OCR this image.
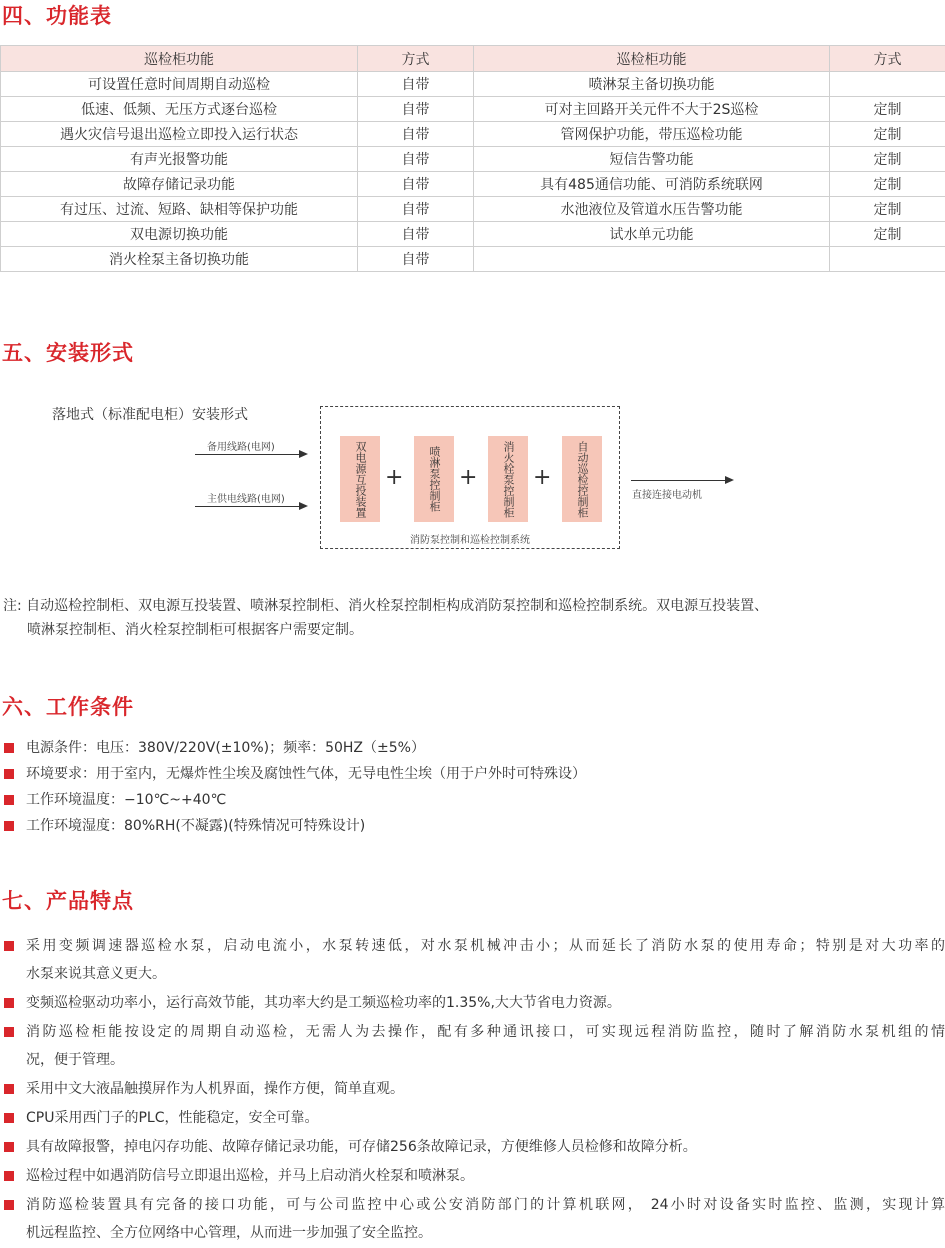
四、功能表
巡检柜功能	方式	巡检柜功能	方式
可设置任意时间周期自动巡检	自带	喷淋泵主备切换功能	
低速、低频、无压方式逐台巡检	自带	可对主回路开关元件不大于2S巡检	定制
遇火灾信号退出巡检立即投入运行状态	自带	管网保护功能，带压巡检功能	定制
有声光报警功能	自带	短信告警功能	定制
故障存储记录功能	自带	具有485通信功能、可消防系统联网	定制
有过压、过流、短路、缺相等保护功能	自带	水池液位及管道水压告警功能	定制
双电源切换功能	自带	试水单元功能	定制
消火栓泵主备切换功能	自带		
五、安装形式
落地式（标准配电柜）安装形式
备用线路(电网)
主供电线路(电网)	双电源互投装置 + 喷淋泵控制柜 + 消火栓泵控制柜 + 自动巡检控制柜
消防泵控制和巡检控制系统
直接连接电动机

注: 自动巡检控制柜、双电源互投装置、喷淋泵控制柜、消火栓泵控制柜构成消防泵控制和巡检控制系统。双电源互投装置、

喷淋泵控制柜、消火栓泵控制柜可根据客户需要定制。

六、工作条件
电源条件：电压：380V/220V(±10%)；频率：50HZ（±5%）
环境要求：用于室内，无爆炸性尘埃及腐蚀性气体，无导电性尘埃（用于户外时可特殊设）
工作环境温度：−10℃~+40℃
工作环境湿度：80%RH(不凝露)(特殊情况可特殊设计)
七、产品特点
采用变频调速器巡检水泵，启动电流小，水泵转速低，对水泵机械冲击小；从而延长了消防水泵的使用寿命；特别是对大功率的
水泵来说其意义更大。
变频巡检驱动功率小，运行高效节能，其功率大约是工频巡检功率的1.35%,大大节省电力资源。
消防巡检柜能按设定的周期自动巡检，无需人为去操作，配有多种通讯接口，可实现远程消防监控，随时了解消防水泵机组的情
况，便于管理。
采用中文大液晶触摸屏作为人机界面，操作方便，简单直观。
CPU采用西门子的PLC，性能稳定，安全可靠。
具有故障报警，掉电闪存功能、故障存储记录功能，可存储256条故障记录，方便维修人员检修和故障分析。
巡检过程中如遇消防信号立即退出巡检，并马上启动消火栓泵和喷淋泵。
消防巡检装置具有完备的接口功能，可与公司监控中心或公安消防部门的计算机联网， 24小时对设备实时监控、监测，实现计算
机远程监控、全方位网络中心管理，从而进一步加强了安全监控。
